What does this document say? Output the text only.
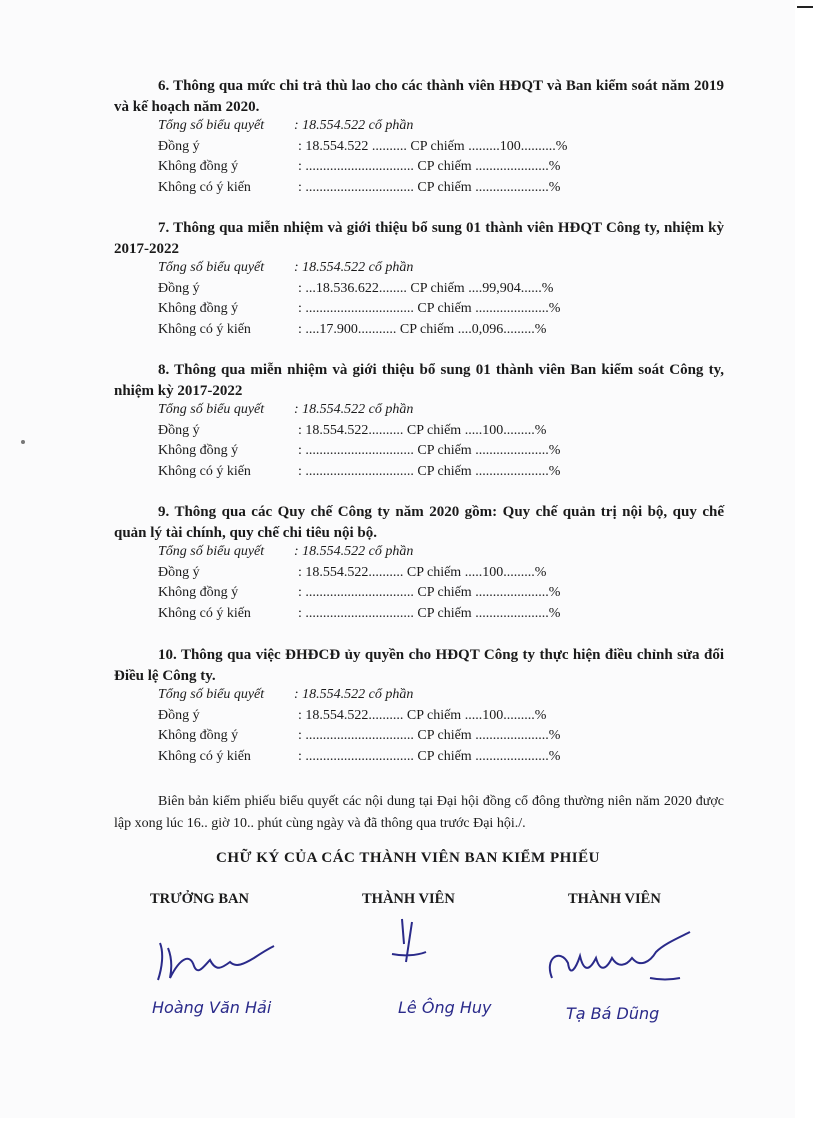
6. Thông qua mức chi trả thù lao cho các thành viên HĐQT và Ban kiểm soát năm 2019 và kế hoạch năm 2020.
Tổng số biểu quyết : 18.554.522 cổ phần
Đồng ý	: 18.554.522 .......... CP chiếm .........100..........%
Không đồng ý	: ............................... CP chiếm .....................%
Không có ý kiến	: ............................... CP chiếm .....................%
7. Thông qua miễn nhiệm và giới thiệu bổ sung 01 thành viên HĐQT Công ty, nhiệm kỳ 2017-2022
Tổng số biểu quyết : 18.554.522 cổ phần
Đồng ý	: ...18.536.622........ CP chiếm ....99,904......%
Không đồng ý	: ............................... CP chiếm .....................%
Không có ý kiến	: ....17.900........... CP chiếm ....0,096.........%
8. Thông qua miễn nhiệm và giới thiệu bổ sung 01 thành viên Ban kiểm soát Công ty, nhiệm kỳ 2017-2022
Tổng số biểu quyết : 18.554.522 cổ phần
Đồng ý	: 18.554.522.......... CP chiếm .....100.........%
Không đồng ý	: ............................... CP chiếm .....................%
Không có ý kiến	: ............................... CP chiếm .....................%
9. Thông qua các Quy chế Công ty năm 2020 gồm: Quy chế quản trị nội bộ, quy chế quản lý tài chính, quy chế chi tiêu nội bộ.
Tổng số biểu quyết : 18.554.522 cổ phần
Đồng ý	: 18.554.522.......... CP chiếm .....100.........%
Không đồng ý	: ............................... CP chiếm .....................%
Không có ý kiến	: ............................... CP chiếm .....................%
10. Thông qua việc ĐHĐCĐ ủy quyền cho HĐQT Công ty thực hiện điều chỉnh sửa đổi Điều lệ Công ty.
Tổng số biểu quyết : 18.554.522 cổ phần
Đồng ý	: 18.554.522.......... CP chiếm .....100.........%
Không đồng ý	: ............................... CP chiếm .....................%
Không có ý kiến	: ............................... CP chiếm .....................%
Biên bản kiểm phiếu biểu quyết các nội dung tại Đại hội đồng cổ đông thường niên năm 2020 được lập xong lúc 16.. giờ 10.. phút cùng ngày và đã thông qua trước Đại hội./.
CHỮ KÝ CỦA CÁC THÀNH VIÊN BAN KIỂM PHIẾU
TRƯỞNG BAN	THÀNH VIÊN	THÀNH VIÊN
Hoàng Văn Hải	Lê Ông Huy	Tạ Bá Dũng
